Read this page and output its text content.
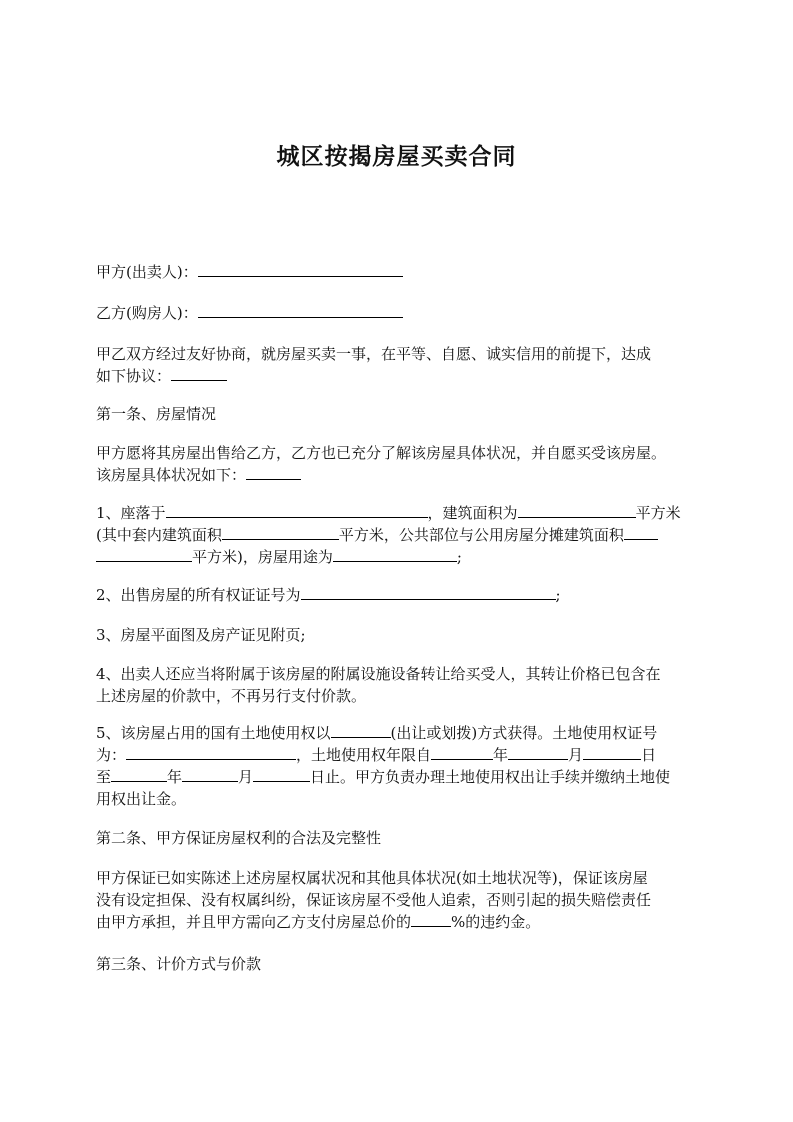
城区按揭房屋买卖合同
甲方(出卖人)：
乙方(购房人)：
甲乙双方经过友好协商，就房屋买卖一事，在平等、自愿、诚实信用的前提下，达成
如下协议：
第一条、房屋情况
甲方愿将其房屋出售给乙方，乙方也已充分了解该房屋具体状况，并自愿买受该房屋。
该房屋具体状况如下：
1、座落于	，建筑面积为	平方米
(其中套内建筑面积	平方米，公共部位与公用房屋分摊建筑面积
平方米)，房屋用途为	;
2、出售房屋的所有权证证号为	;
3、房屋平面图及房产证见附页;
4、出卖人还应当将附属于该房屋的附属设施设备转让给买受人，其转让价格已包含在
上述房屋的价款中，不再另行支付价款。
5、该房屋占用的国有土地使用权以	(出让或划拨)方式获得。土地使用权证号
为：	，土地使用权年限自	年	月	日
至	年	月	日止。甲方负责办理土地使用权出让手续并缴纳土地使
用权出让金。
第二条、甲方保证房屋权利的合法及完整性
甲方保证已如实陈述上述房屋权属状况和其他具体状况(如土地状况等)，保证该房屋
没有设定担保、没有权属纠纷，保证该房屋不受他人追索，否则引起的损失赔偿责任
由甲方承担，并且甲方需向乙方支付房屋总价的	%的违约金。
第三条、计价方式与价款
